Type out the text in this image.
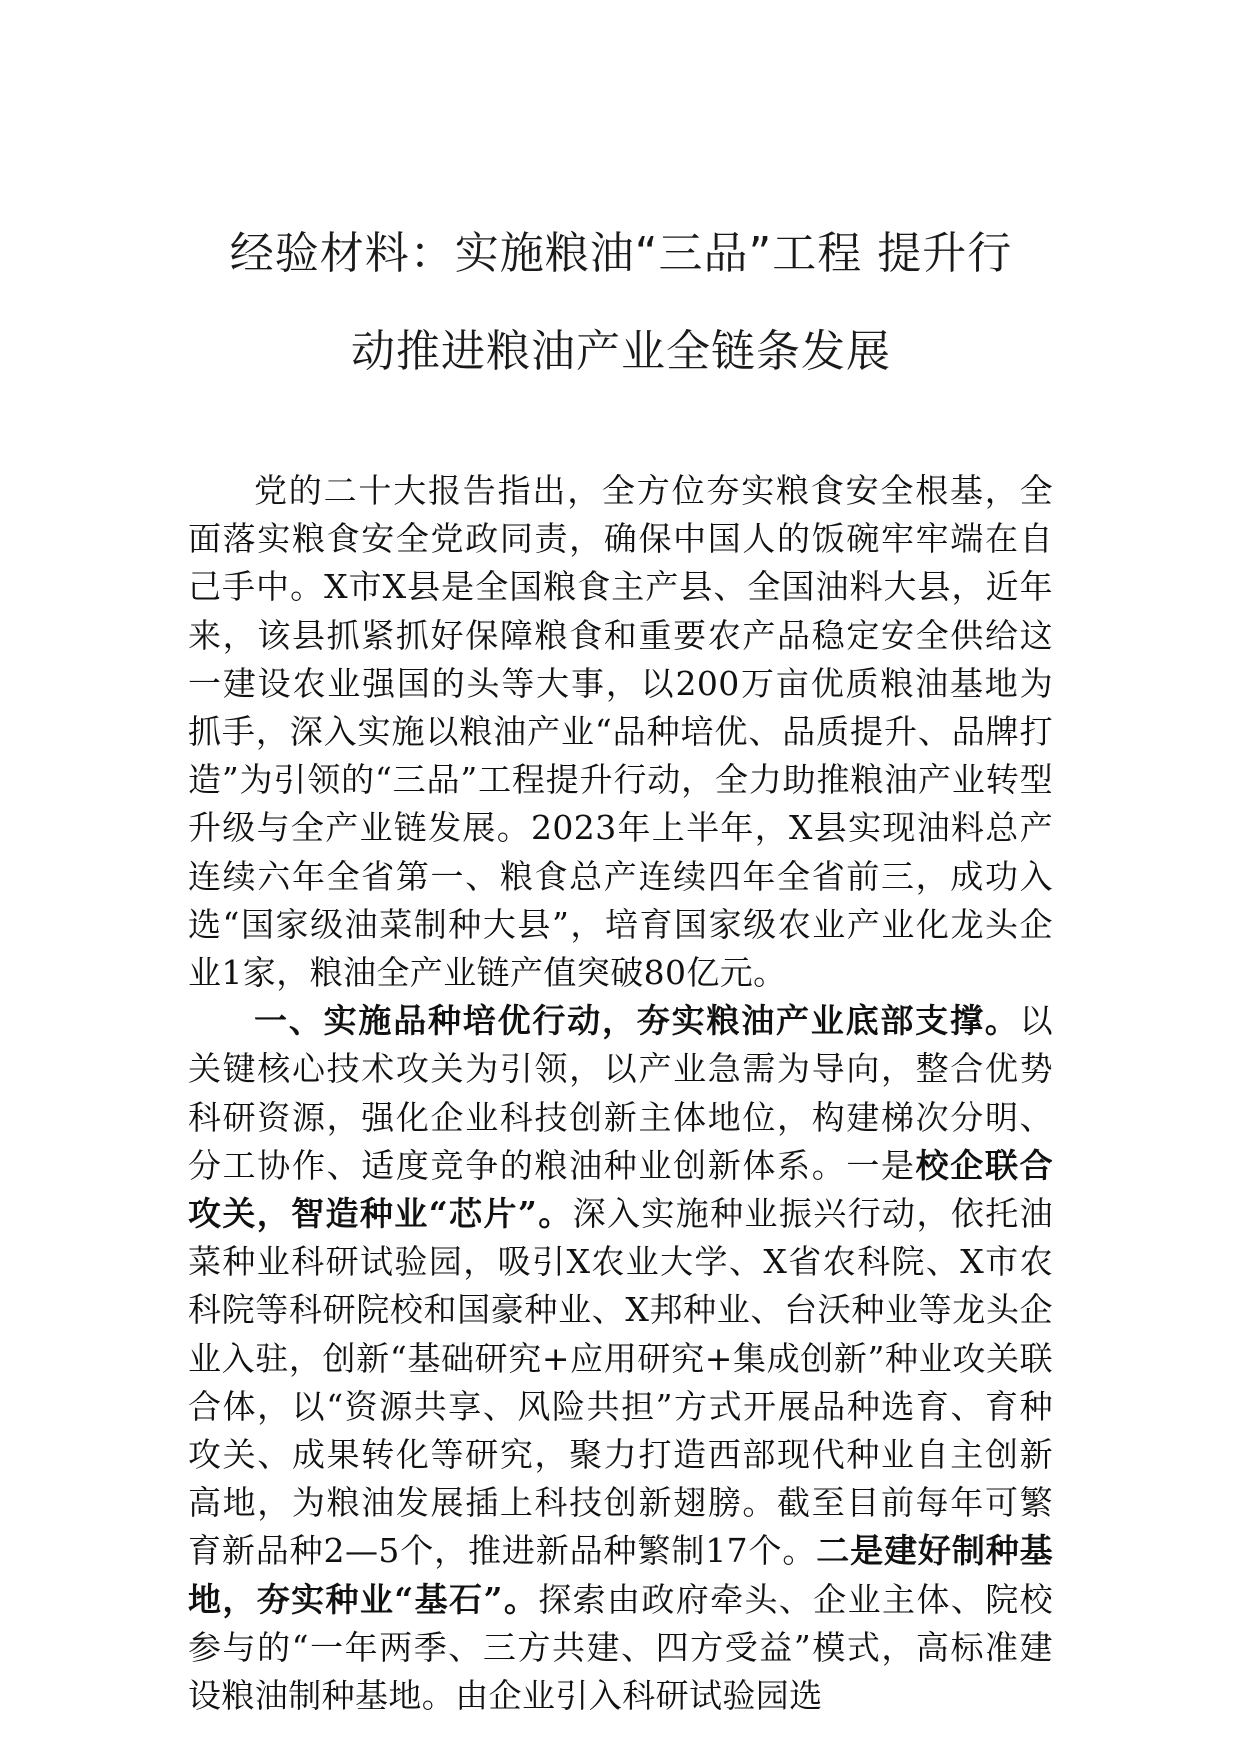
经验材料：实施粮油“三品”工程 提升行
动推进粮油产业全链条发展

党的二十大报告指出，全方位夯实粮食安全根基，全面落实粮食安全党政同责，确保中国人的饭碗牢牢端在自己手中。X市X县是全国粮食主产县、全国油料大县，近年来，该县抓紧抓好保障粮食和重要农产品稳定安全供给这一建设农业强国的头等大事，以200万亩优质粮油基地为抓手，深入实施以粮油产业“品种培优、品质提升、品牌打造”为引领的“三品”工程提升行动，全力助推粮油产业转型升级与全产业链发展。2023年上半年，X县实现油料总产连续六年全省第一、粮食总产连续四年全省前三，成功入选“国家级油菜制种大县”，培育国家级农业产业化龙头企业1家，粮油全产业链产值突破80亿元。

一、实施品种培优行动，夯实粮油产业底部支撑。以关键核心技术攻关为引领，以产业急需为导向，整合优势科研资源，强化企业科技创新主体地位，构建梯次分明、分工协作、适度竞争的粮油种业创新体系。一是校企联合攻关，智造种业“芯片”。深入实施种业振兴行动，依托油菜种业科研试验园，吸引X农业大学、X省农科院、X市农科院等科研院校和国豪种业、X邦种业、台沃种业等龙头企业入驻，创新“基础研究+应用研究+集成创新”种业攻关联合体，以“资源共享、风险共担”方式开展品种选育、育种攻关、成果转化等研究，聚力打造西部现代种业自主创新高地，为粮油发展插上科技创新翅膀。截至目前每年可繁育新品种2—5个，推进新品种繁制17个。二是建好制种基地，夯实种业“基石”。探索由政府牵头、企业主体、院校参与的“一年两季、三方共建、四方受益”模式，高标准建设粮油制种基地。由企业引入科研试验园选
